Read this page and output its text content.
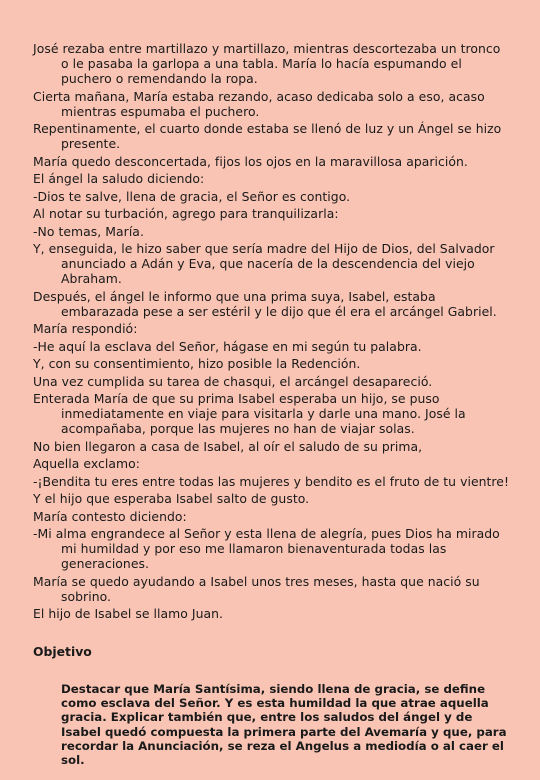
José rezaba entre martillazo y martillazo, mientras descortezaba un tronco o le pasaba la garlopa a una tabla. María lo hacía espumando el puchero o remendando la ropa.

Cierta mañana, María estaba rezando, acaso dedicaba solo a eso, acaso mientras espumaba el puchero.

Repentinamente, el cuarto donde estaba se llenó de luz y un Ángel se hizo presente.

María quedo desconcertada, fijos los ojos en la maravillosa aparición.

El ángel la saludo diciendo:

-Dios te salve, llena de gracia, el Señor es contigo.

Al notar su turbación, agrego para tranquilizarla:

-No temas, María.

Y, enseguida, le hizo saber que sería madre del Hijo de Dios, del Salvador anunciado a Adán y Eva, que nacería de la descendencia del viejo Abraham.

Después, el ángel le informo que una prima suya, Isabel, estaba embarazada pese a ser estéril y le dijo que él era el arcángel Gabriel.

María respondió:

-He aquí la esclava del Señor, hágase en mi según tu palabra.

Y, con su consentimiento, hizo posible la Redención.

Una vez cumplida su tarea de chasqui, el arcángel desapareció.

Enterada María de que su prima Isabel esperaba un hijo, se puso inmediatamente en viaje para visitarla y darle una mano. José la acompañaba, porque las mujeres no han de viajar solas.

No bien llegaron a casa de Isabel, al oír el saludo de su prima,

Aquella exclamo:

-¡Bendita tu eres entre todas las mujeres y bendito es el fruto de tu vientre!

Y el hijo que esperaba Isabel salto de gusto.

María contesto diciendo:

-Mi alma engrandece al Señor y esta llena de alegría, pues Dios ha mirado mi humildad y por eso me llamaron bienaventurada todas las generaciones.

María se quedo ayudando a Isabel unos tres meses, hasta que nació su sobrino.

El hijo de Isabel se llamo Juan.

Objetivo

Destacar que María Santísima, siendo llena de gracia, se define como esclava del Señor. Y es esta humildad la que atrae aquella gracia. Explicar también que, entre los saludos del ángel y de Isabel quedó compuesta la primera parte del Avemaría y que, para recordar la Anunciación, se reza el Angelus a mediodía o al caer el sol.
